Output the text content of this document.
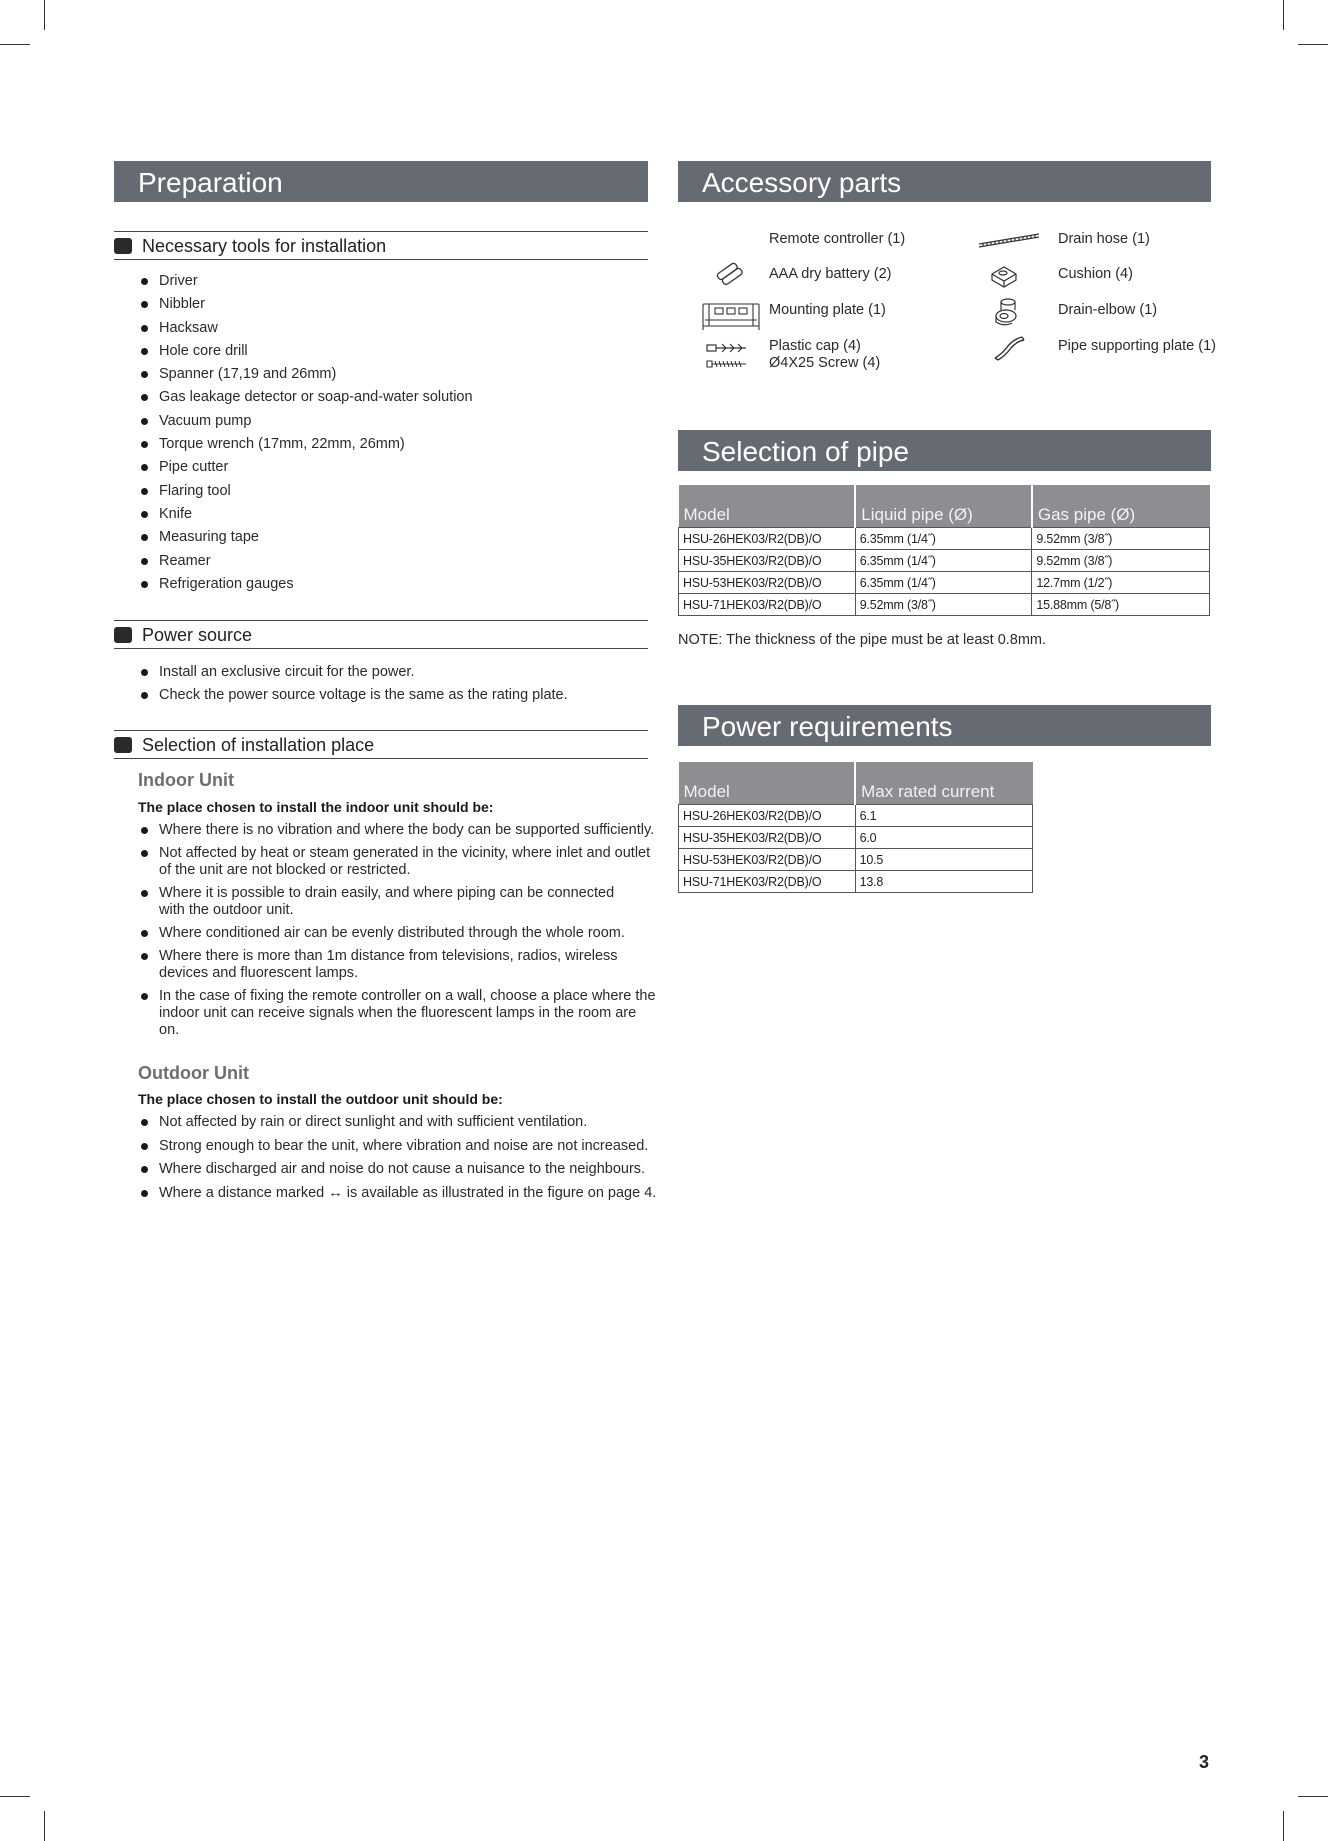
Preparation
Necessary tools for installation
Driver
Nibbler
Hacksaw
Hole core drill
Spanner (17,19 and 26mm)
Gas leakage detector or soap-and-water solution
Vacuum pump
Torque wrench (17mm, 22mm, 26mm)
Pipe cutter
Flaring tool
Knife
Measuring tape
Reamer
Refrigeration gauges
Power source
Install an exclusive circuit for the power.
Check the power source voltage is the same as the rating plate.
Selection of installation place
Indoor Unit
The place chosen to install the indoor unit should be:
Where there is no vibration and where the body can be supported sufficiently.
Not affected by heat or steam generated in the vicinity, where inlet and outlet of the unit are not blocked or restricted.
Where it is possible to drain easily, and where piping can be connected with the outdoor unit.
Where conditioned air can be evenly distributed through the whole room.
Where there is more than 1m distance from televisions, radios, wireless devices and fluorescent lamps.
In the case of fixing the remote controller on a wall, choose a place where the indoor unit can receive signals when the fluorescent lamps in the room are on.
Outdoor Unit
The place chosen to install the outdoor unit should be:
Not affected by rain or direct sunlight and with sufficient ventilation.
Strong enough to bear the unit, where vibration and noise are not increased.
Where discharged air and noise do not cause a nuisance to the neighbours.
Where a distance marked ↔ is available as illustrated in the figure on page 4.
Accessory parts
Remote controller (1)
AAA dry battery (2)
Mounting plate (1)
Plastic cap (4)
Ø4X25 Screw (4)
Drain hose (1)
Cushion (4)
Drain-elbow (1)
Pipe supporting plate (1)
Selection of pipe
Model	Liquid pipe (Ø)	Gas pipe (Ø)
HSU-26HEK03/R2(DB)/O	6.35mm (1/4˝)	9.52mm (3/8˝)
HSU-35HEK03/R2(DB)/O	6.35mm (1/4˝)	9.52mm (3/8˝)
HSU-53HEK03/R2(DB)/O	6.35mm (1/4˝)	12.7mm (1/2˝)
HSU-71HEK03/R2(DB)/O	9.52mm (3/8˝)	15.88mm (5/8˝)
NOTE: The thickness of the pipe must be at least 0.8mm.
Power requirements
Model	Max rated current
HSU-26HEK03/R2(DB)/O	6.1
HSU-35HEK03/R2(DB)/O	6.0
HSU-53HEK03/R2(DB)/O	10.5
HSU-71HEK03/R2(DB)/O	13.8
3
